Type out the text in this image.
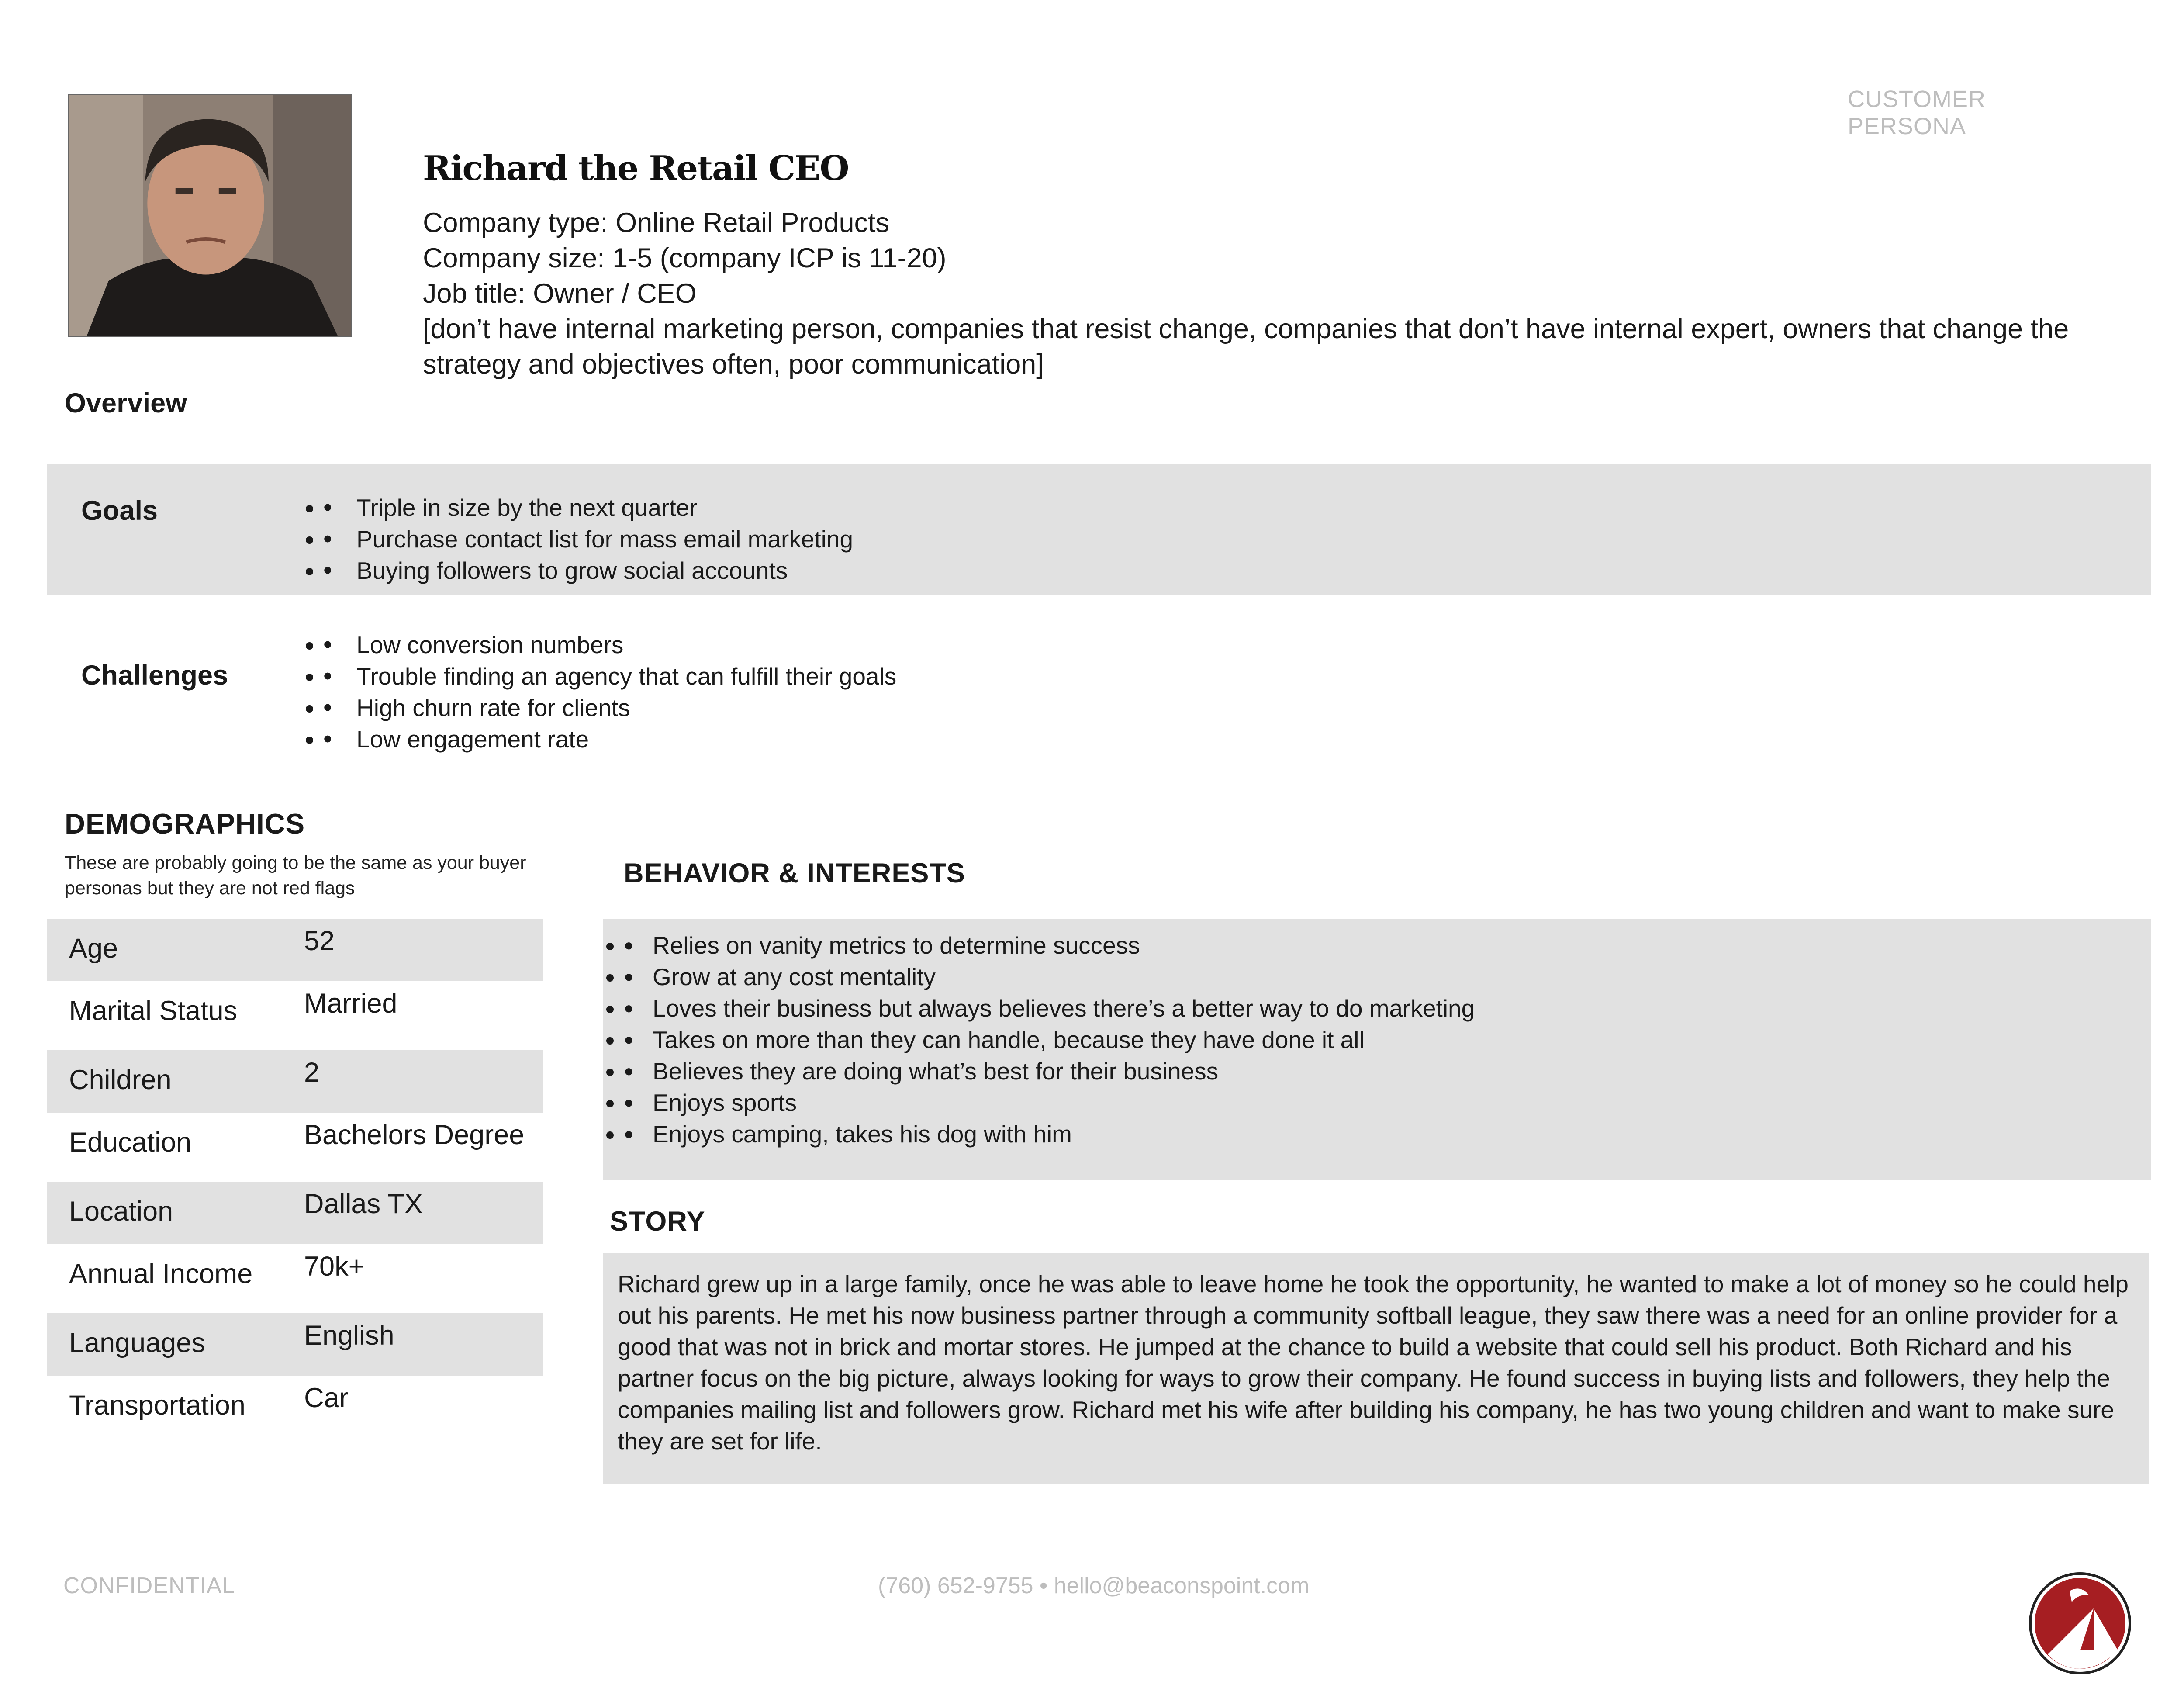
CUSTOMER PERSONA
Richard the Retail CEO
Company type: Online Retail Products
Company size: 1-5 (company ICP is 11-20)
Job title: Owner / CEO
[don’t have internal marketing person, companies that resist change, companies that don’t have internal expert, owners that change the strategy and objectives often, poor communication]
Overview
Goals	• • Triple in size by the next quarter
• • Purchase contact list for mass email marketing
• • Buying followers to grow social accounts
Challenges
• • Low conversion numbers
• • Trouble finding an agency that can fulfill their goals
• • High churn rate for clients
• • Low engagement rate
DEMOGRAPHICS
These are probably going to be the same as your buyer personas but they are not red flags
Age	52
Marital Status Married
Children	2
Education	Bachelors Degree
Location	Dallas TX
Annual Income 70k+
Languages	English
Transportation Car
BEHAVIOR & INTERESTS
● • Relies on vanity metrics to determine success
● • Grow at any cost mentality
● • Loves their business but always believes there’s a better way to do marketing
● • Takes on more than they can handle, because they have done it all
● • Believes they are doing what’s best for their business
● • Enjoys sports
● • Enjoys camping, takes his dog with him
STORY
Richard grew up in a large family, once he was able to leave home he took the opportunity, he wanted to make a lot of money so he could help out his parents. He met his now business partner through a community softball league, they saw there was a need for an online provider for a good that was not in brick and mortar stores. He jumped at the chance to build a website that could sell his product. Both Richard and his partner focus on the big picture, always looking for ways to grow their company. He found success in buying lists and followers, they help the companies mailing list and followers grow. Richard met his wife after building his company, he has two young children and want to make sure they are set for life.
CONFIDENTIAL	(760) 652-9755 • hello@beaconspoint.com
